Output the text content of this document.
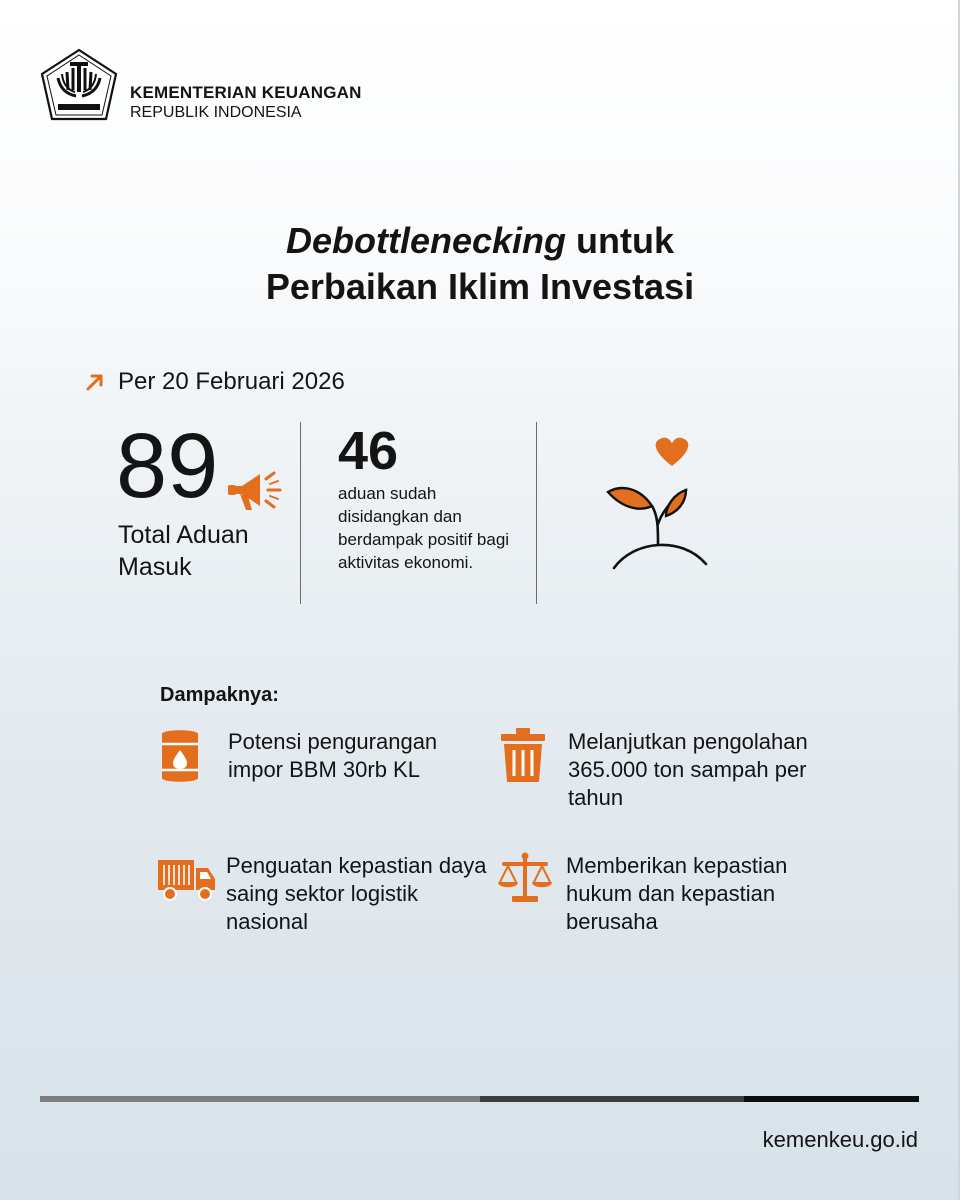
KEMENTERIAN KEUANGAN
REPUBLIK INDONESIA
Debottlenecking untuk
Perbaikan Iklim Investasi
Per 20 Februari 2026
89
Total Aduan Masuk
46
aduan sudah disidangkan dan berdampak positif bagi aktivitas ekonomi.
Dampaknya:
Potensi pengurangan impor BBM 30rb KL
Melanjutkan pengolahan 365.000 ton sampah per tahun
Penguatan kepastian daya saing sektor logistik nasional
Memberikan kepastian hukum dan kepastian berusaha
kemenkeu.go.id
